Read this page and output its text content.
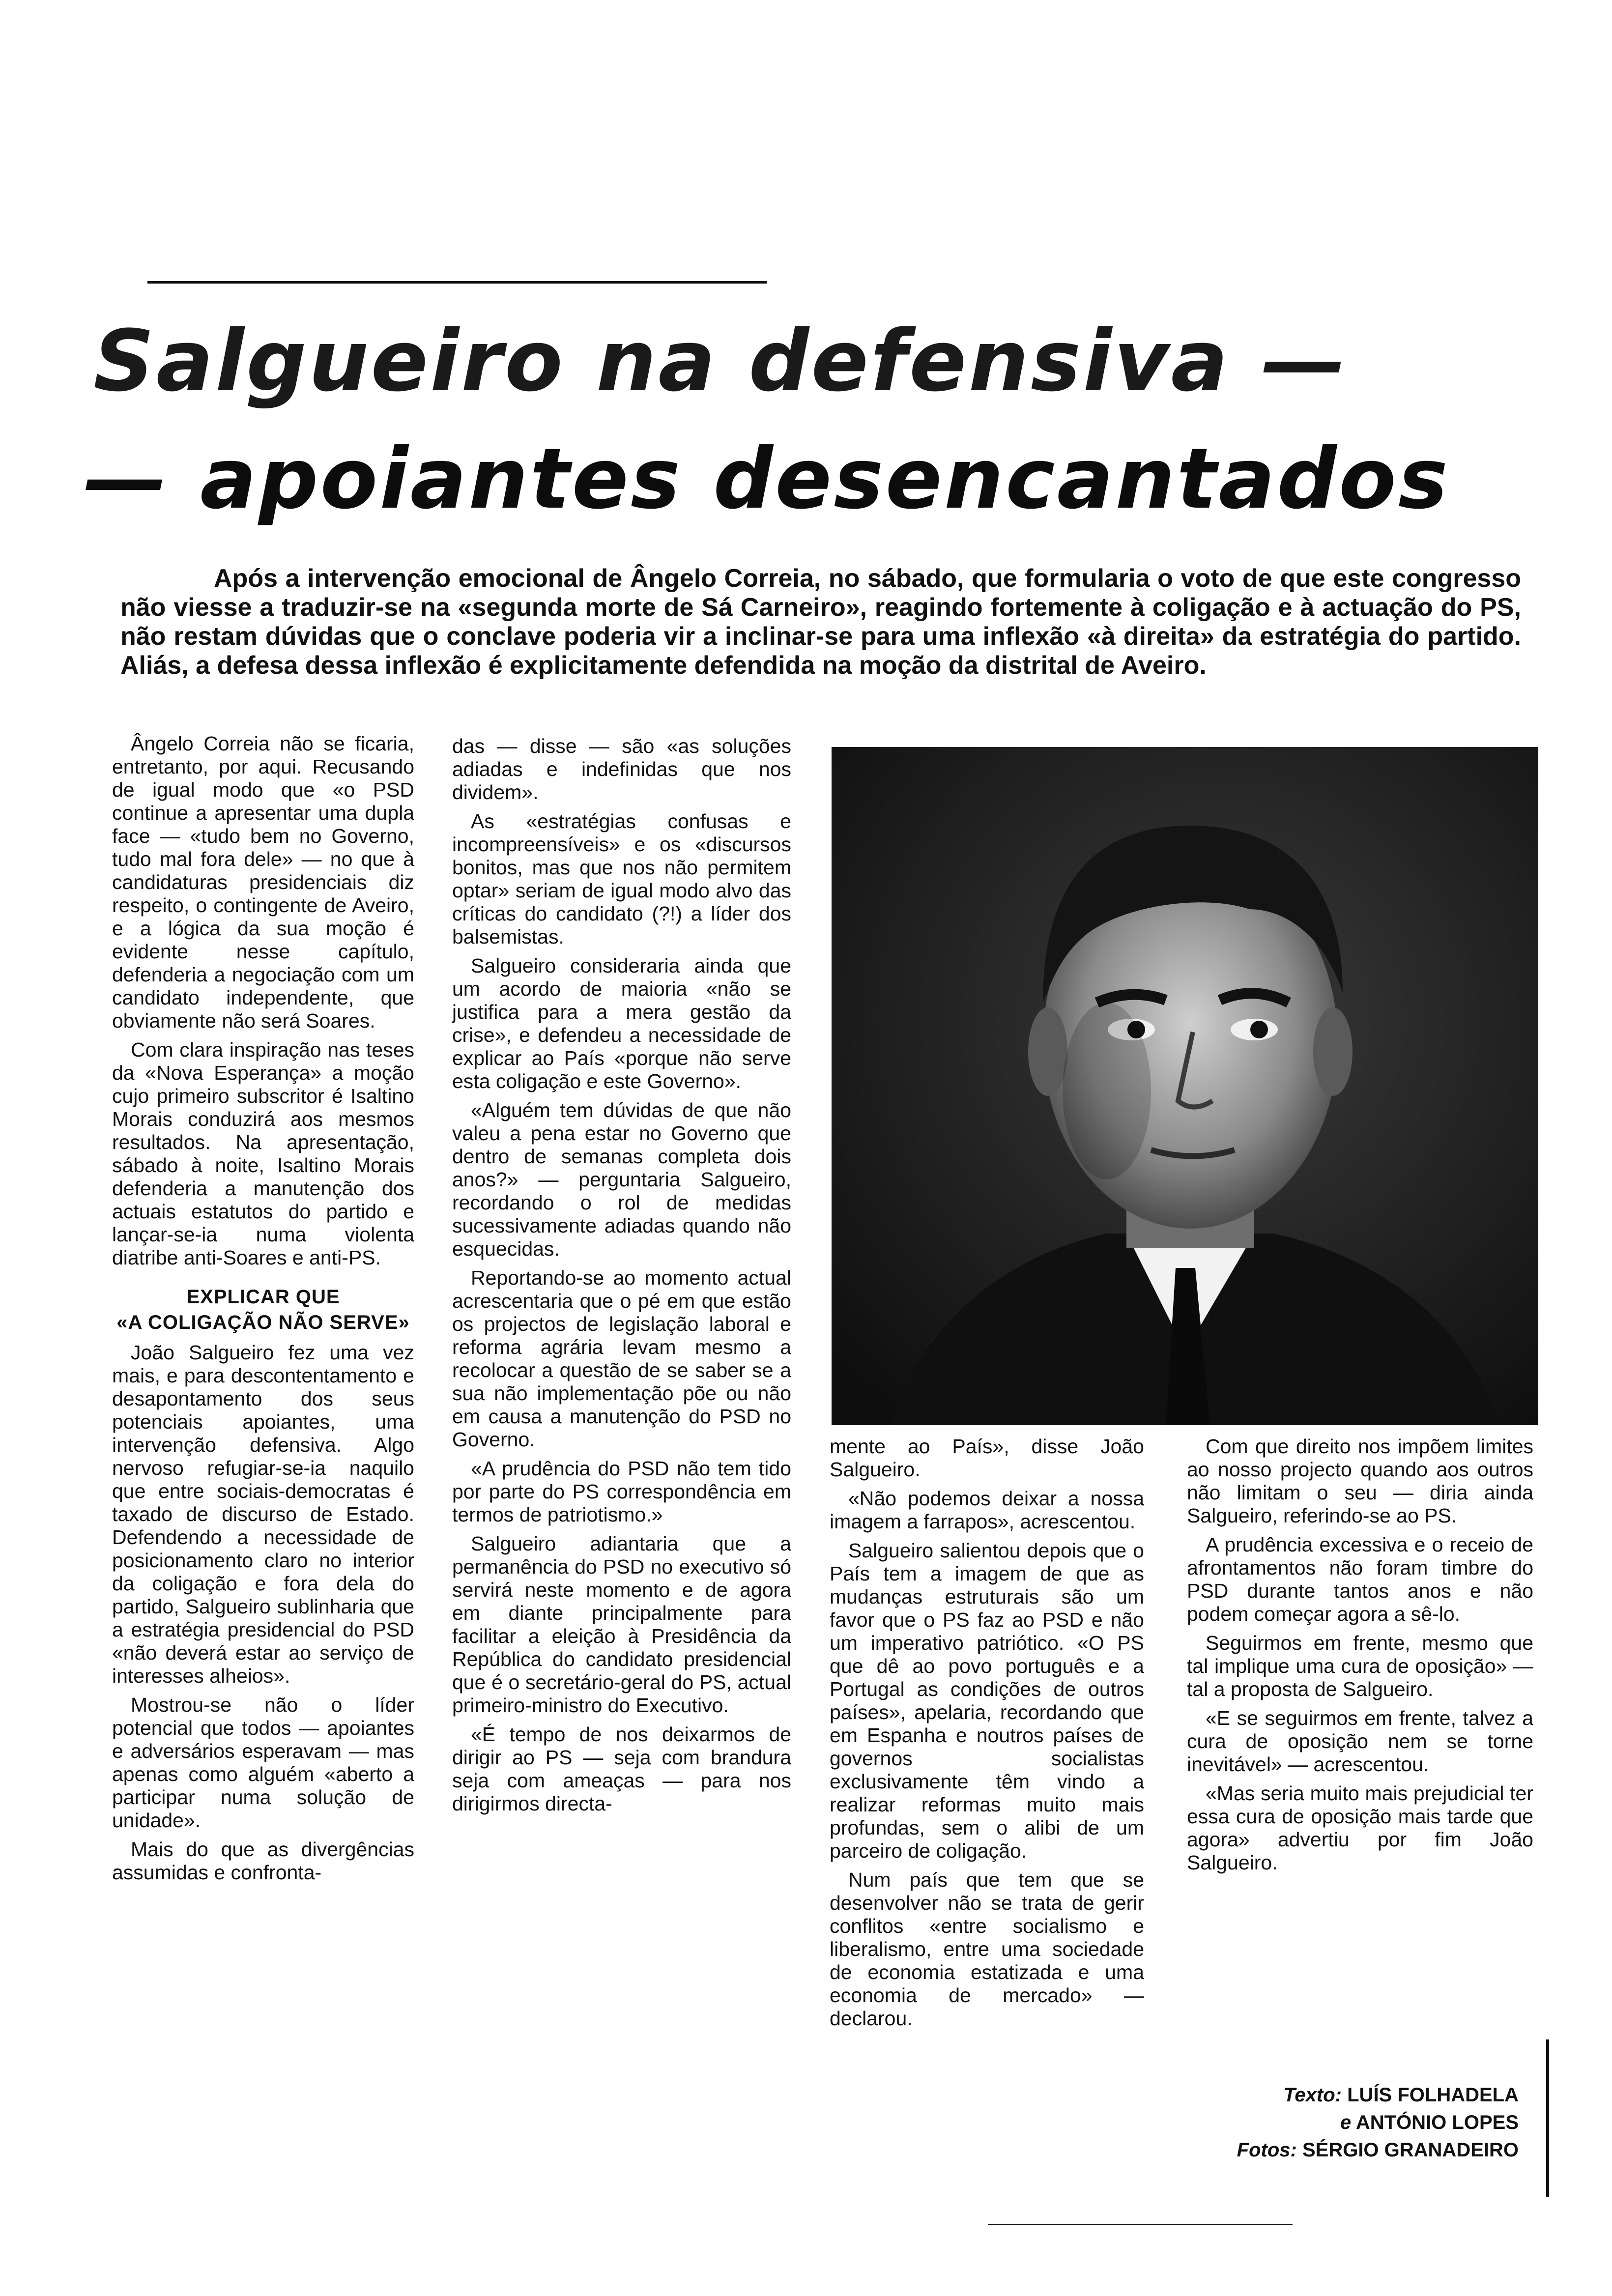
Salgueiro na defensiva —
— apoiantes desencantados

Após a intervenção emocional de Ângelo Correia, no sábado, que formularia o voto de que este congresso não viesse a traduzir-se na «segunda morte de Sá Carneiro», reagindo fortemente à coligação e à actuação do PS, não restam dúvidas que o conclave poderia vir a inclinar-se para uma inflexão «à direita» da estratégia do partido. Aliás, a defesa dessa inflexão é explicitamente defendida na moção da distrital de Aveiro.

Ângelo Correia não se ficaria, entretanto, por aqui. Recusando de igual modo que «o PSD continue a apresentar uma dupla face — «tudo bem no Governo, tudo mal fora dele» — no que à candidaturas presidenciais diz respeito, o contingente de Aveiro, e a lógica da sua moção é evidente nesse capítulo, defenderia a negociação com um candidato independente, que obviamente não será Soares.

Com clara inspiração nas teses da «Nova Esperança» a moção cujo primeiro subscritor é Isaltino Morais conduzirá aos mesmos resultados. Na apresentação, sábado à noite, Isaltino Morais defenderia a manutenção dos actuais estatutos do partido e lançar-se-ia numa violenta diatribe anti-Soares e anti-PS.

EXPLICAR QUE
«A COLIGAÇÃO NÃO SERVE»

João Salgueiro fez uma vez mais, e para descontentamento e desapontamento dos seus potenciais apoiantes, uma intervenção defensiva. Algo nervoso refugiar-se-ia naquilo que entre sociais-democratas é taxado de discurso de Estado. Defendendo a necessidade de posicionamento claro no interior da coligação e fora dela do partido, Salgueiro sublinharia que a estratégia presidencial do PSD «não deverá estar ao serviço de interesses alheios».

Mostrou-se não o líder potencial que todos — apoiantes e adversários esperavam — mas apenas como alguém «aberto a participar numa solução de unidade».

Mais do que as divergências assumidas e confronta-

das — disse — são «as soluções adiadas e indefinidas que nos dividem».

As «estratégias confusas e incompreensíveis» e os «discursos bonitos, mas que nos não permitem optar» seriam de igual modo alvo das críticas do candidato (?!) a líder dos balsemistas.

Salgueiro consideraria ainda que um acordo de maioria «não se justifica para a mera gestão da crise», e defendeu a necessidade de explicar ao País «porque não serve esta coligação e este Governo».

«Alguém tem dúvidas de que não valeu a pena estar no Governo que dentro de semanas completa dois anos?» — perguntaria Salgueiro, recordando o rol de medidas sucessivamente adiadas quando não esquecidas.

Reportando-se ao momento actual acrescentaria que o pé em que estão os projectos de legislação laboral e reforma agrária levam mesmo a recolocar a questão de se saber se a sua não implementação põe ou não em causa a manutenção do PSD no Governo.

«A prudência do PSD não tem tido por parte do PS correspondência em termos de patriotismo.»

Salgueiro adiantaria que a permanência do PSD no executivo só servirá neste momento e de agora em diante principalmente para facilitar a eleição à Presidência da República do candidato presidencial que é o secretário-geral do PS, actual primeiro-ministro do Executivo.

«É tempo de nos deixarmos de dirigir ao PS — seja com brandura seja com ameaças — para nos dirigirmos directa-

mente ao País», disse João Salgueiro.

«Não podemos deixar a nossa imagem a farrapos», acrescentou.

Salgueiro salientou depois que o País tem a imagem de que as mudanças estruturais são um favor que o PS faz ao PSD e não um imperativo patriótico. «O PS que dê ao povo português e a Portugal as condições de outros países», apelaria, recordando que em Espanha e noutros países de governos socialistas exclusivamente têm vindo a realizar reformas muito mais profundas, sem o alibi de um parceiro de coligação.

Num país que tem que se desenvolver não se trata de gerir conflitos «entre socialismo e liberalismo, entre uma sociedade de economia estatizada e uma economia de mercado» — declarou.

Com que direito nos impõem limites ao nosso projecto quando aos outros não limitam o seu — diria ainda Salgueiro, referindo-se ao PS.

A prudência excessiva e o receio de afrontamentos não foram timbre do PSD durante tantos anos e não podem começar agora a sê-lo.

Seguirmos em frente, mesmo que tal implique uma cura de oposição» — tal a proposta de Salgueiro.

«E se seguirmos em frente, talvez a cura de oposição nem se torne inevitável» — acrescentou.

«Mas seria muito mais prejudicial ter essa cura de oposição mais tarde que agora» advertiu por fim João Salgueiro.

Texto: LUÍS FOLHADELA
e ANTÓNIO LOPES
Fotos: SÉRGIO GRANADEIRO
